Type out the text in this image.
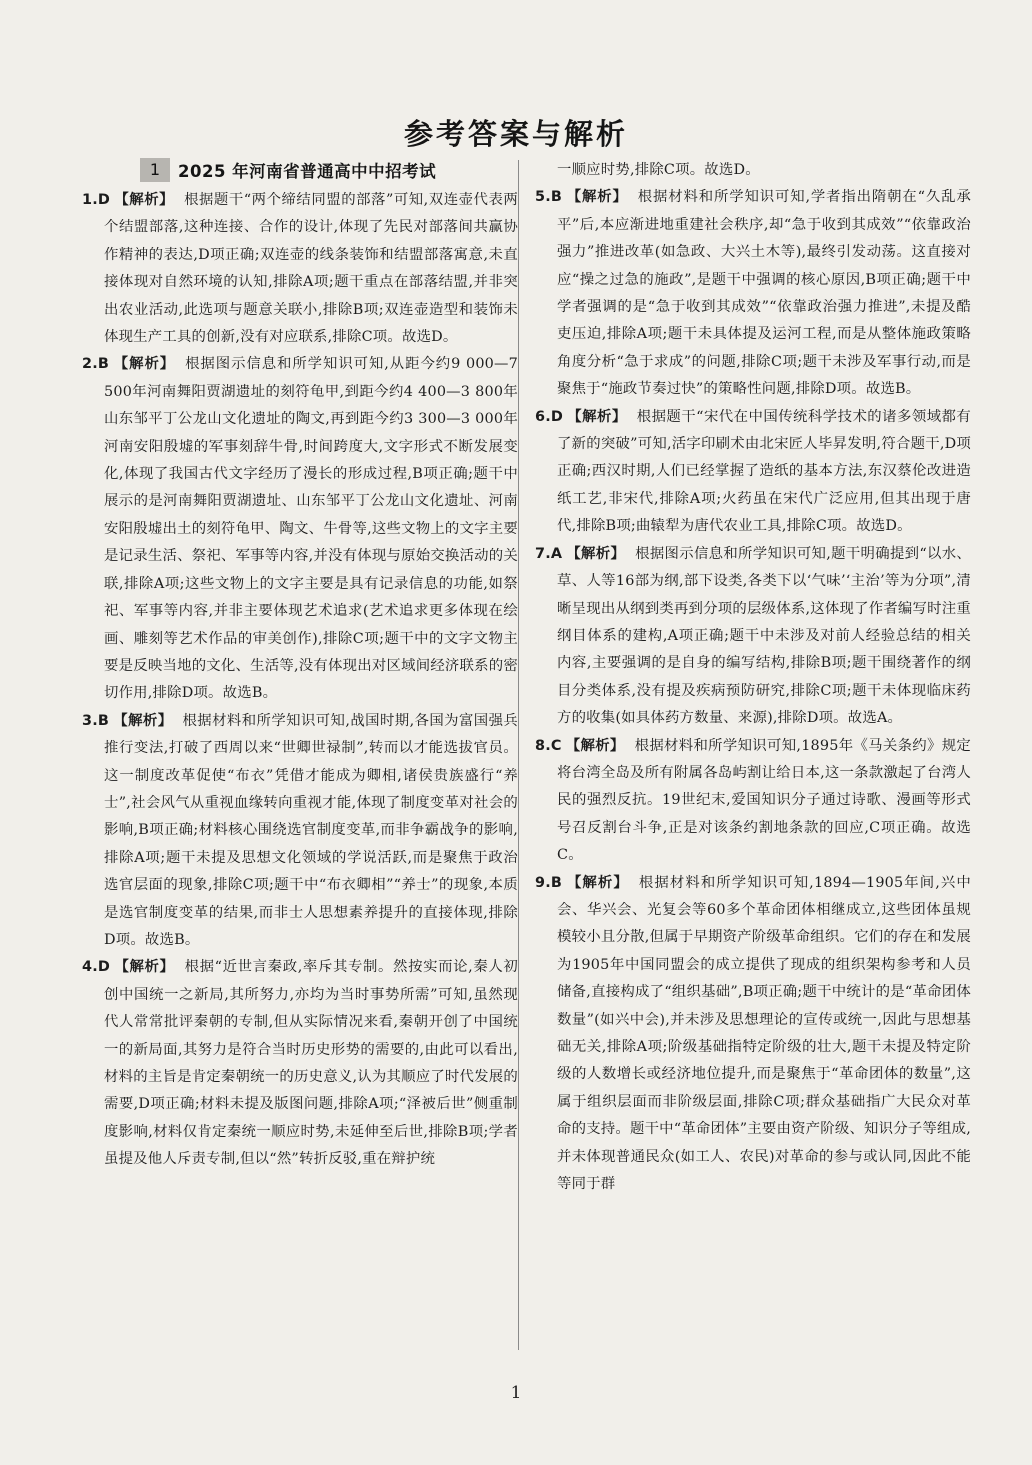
参考答案与解析
1	2025 年河南省普通高中中招考试

1.D 【解析】 根据题干“两个缔结同盟的部落”可知,双连壶代表两个结盟部落,这种连接、合作的设计,体现了先民对部落间共赢协作精神的表达,D项正确;双连壶的线条装饰和结盟部落寓意,未直接体现对自然环境的认知,排除A项;题干重点在部落结盟,并非突出农业活动,此选项与题意关联小,排除B项;双连壶造型和装饰未体现生产工具的创新,没有对应联系,排除C项。故选D。

2.B 【解析】 根据图示信息和所学知识可知,从距今约9 000—7 500年河南舞阳贾湖遗址的刻符龟甲,到距今约4 400—3 800年山东邹平丁公龙山文化遗址的陶文,再到距今约3 300—3 000年河南安阳殷墟的军事刻辞牛骨,时间跨度大,文字形式不断发展变化,体现了我国古代文字经历了漫长的形成过程,B项正确;题干中展示的是河南舞阳贾湖遗址、山东邹平丁公龙山文化遗址、河南安阳殷墟出土的刻符龟甲、陶文、牛骨等,这些文物上的文字主要是记录生活、祭祀、军事等内容,并没有体现与原始交换活动的关联,排除A项;这些文物上的文字主要是具有记录信息的功能,如祭祀、军事等内容,并非主要体现艺术追求(艺术追求更多体现在绘画、雕刻等艺术作品的审美创作),排除C项;题干中的文字文物主要是反映当地的文化、生活等,没有体现出对区域间经济联系的密切作用,排除D项。故选B。

3.B 【解析】 根据材料和所学知识可知,战国时期,各国为富国强兵推行变法,打破了西周以来“世卿世禄制”,转而以才能选拔官员。这一制度改革促使“布衣”凭借才能成为卿相,诸侯贵族盛行“养士”,社会风气从重视血缘转向重视才能,体现了制度变革对社会的影响,B项正确;材料核心围绕选官制度变革,而非争霸战争的影响,排除A项;题干未提及思想文化领域的学说活跃,而是聚焦于政治选官层面的现象,排除C项;题干中“布衣卿相”“养士”的现象,本质是选官制度变革的结果,而非士人思想素养提升的直接体现,排除D项。故选B。

4.D 【解析】 根据“近世言秦政,率斥其专制。然按实而论,秦人初创中国统一之新局,其所努力,亦均为当时事势所需”可知,虽然现代人常常批评秦朝的专制,但从实际情况来看,秦朝开创了中国统一的新局面,其努力是符合当时历史形势的需要的,由此可以看出,材料的主旨是肯定秦朝统一的历史意义,认为其顺应了时代发展的需要,D项正确;材料未提及版图问题,排除A项;“泽被后世”侧重制度影响,材料仅肯定秦统一顺应时势,未延伸至后世,排除B项;学者虽提及他人斥责专制,但以“然”转折反驳,重在辩护统

一顺应时势,排除C项。故选D。

5.B 【解析】 根据材料和所学知识可知,学者指出隋朝在“久乱承平”后,本应渐进地重建社会秩序,却“急于收到其成效”“依靠政治强力”推进改革(如急政、大兴土木等),最终引发动荡。这直接对应“操之过急的施政”,是题干中强调的核心原因,B项正确;题干中学者强调的是“急于收到其成效”“依靠政治强力推进”,未提及酷吏压迫,排除A项;题干未具体提及运河工程,而是从整体施政策略角度分析“急于求成”的问题,排除C项;题干未涉及军事行动,而是聚焦于“施政节奏过快”的策略性问题,排除D项。故选B。

6.D 【解析】 根据题干“宋代在中国传统科学技术的诸多领域都有了新的突破”可知,活字印刷术由北宋匠人毕昇发明,符合题干,D项正确;西汉时期,人们已经掌握了造纸的基本方法,东汉蔡伦改进造纸工艺,非宋代,排除A项;火药虽在宋代广泛应用,但其出现于唐代,排除B项;曲辕犁为唐代农业工具,排除C项。故选D。

7.A 【解析】 根据图示信息和所学知识可知,题干明确提到“以水、草、人等16部为纲,部下设类,各类下以‘气味’‘主治’等为分项”,清晰呈现出从纲到类再到分项的层级体系,这体现了作者编写时注重纲目体系的建构,A项正确;题干中未涉及对前人经验总结的相关内容,主要强调的是自身的编写结构,排除B项;题干围绕著作的纲目分类体系,没有提及疾病预防研究,排除C项;题干未体现临床药方的收集(如具体药方数量、来源),排除D项。故选A。

8.C 【解析】 根据材料和所学知识可知,1895年《马关条约》规定将台湾全岛及所有附属各岛屿割让给日本,这一条款激起了台湾人民的强烈反抗。19世纪末,爱国知识分子通过诗歌、漫画等形式号召反割台斗争,正是对该条约割地条款的回应,C项正确。故选C。

9.B 【解析】 根据材料和所学知识可知,1894—1905年间,兴中会、华兴会、光复会等60多个革命团体相继成立,这些团体虽规模较小且分散,但属于早期资产阶级革命组织。它们的存在和发展为1905年中国同盟会的成立提供了现成的组织架构参考和人员储备,直接构成了“组织基础”,B项正确;题干中统计的是“革命团体数量”(如兴中会),并未涉及思想理论的宣传或统一,因此与思想基础无关,排除A项;阶级基础指特定阶级的壮大,题干未提及特定阶级的人数增长或经济地位提升,而是聚焦于“革命团体的数量”,这属于组织层面而非阶级层面,排除C项;群众基础指广大民众对革命的支持。题干中“革命团体”主要由资产阶级、知识分子等组成,并未体现普通民众(如工人、农民)对革命的参与或认同,因此不能等同于群

1
